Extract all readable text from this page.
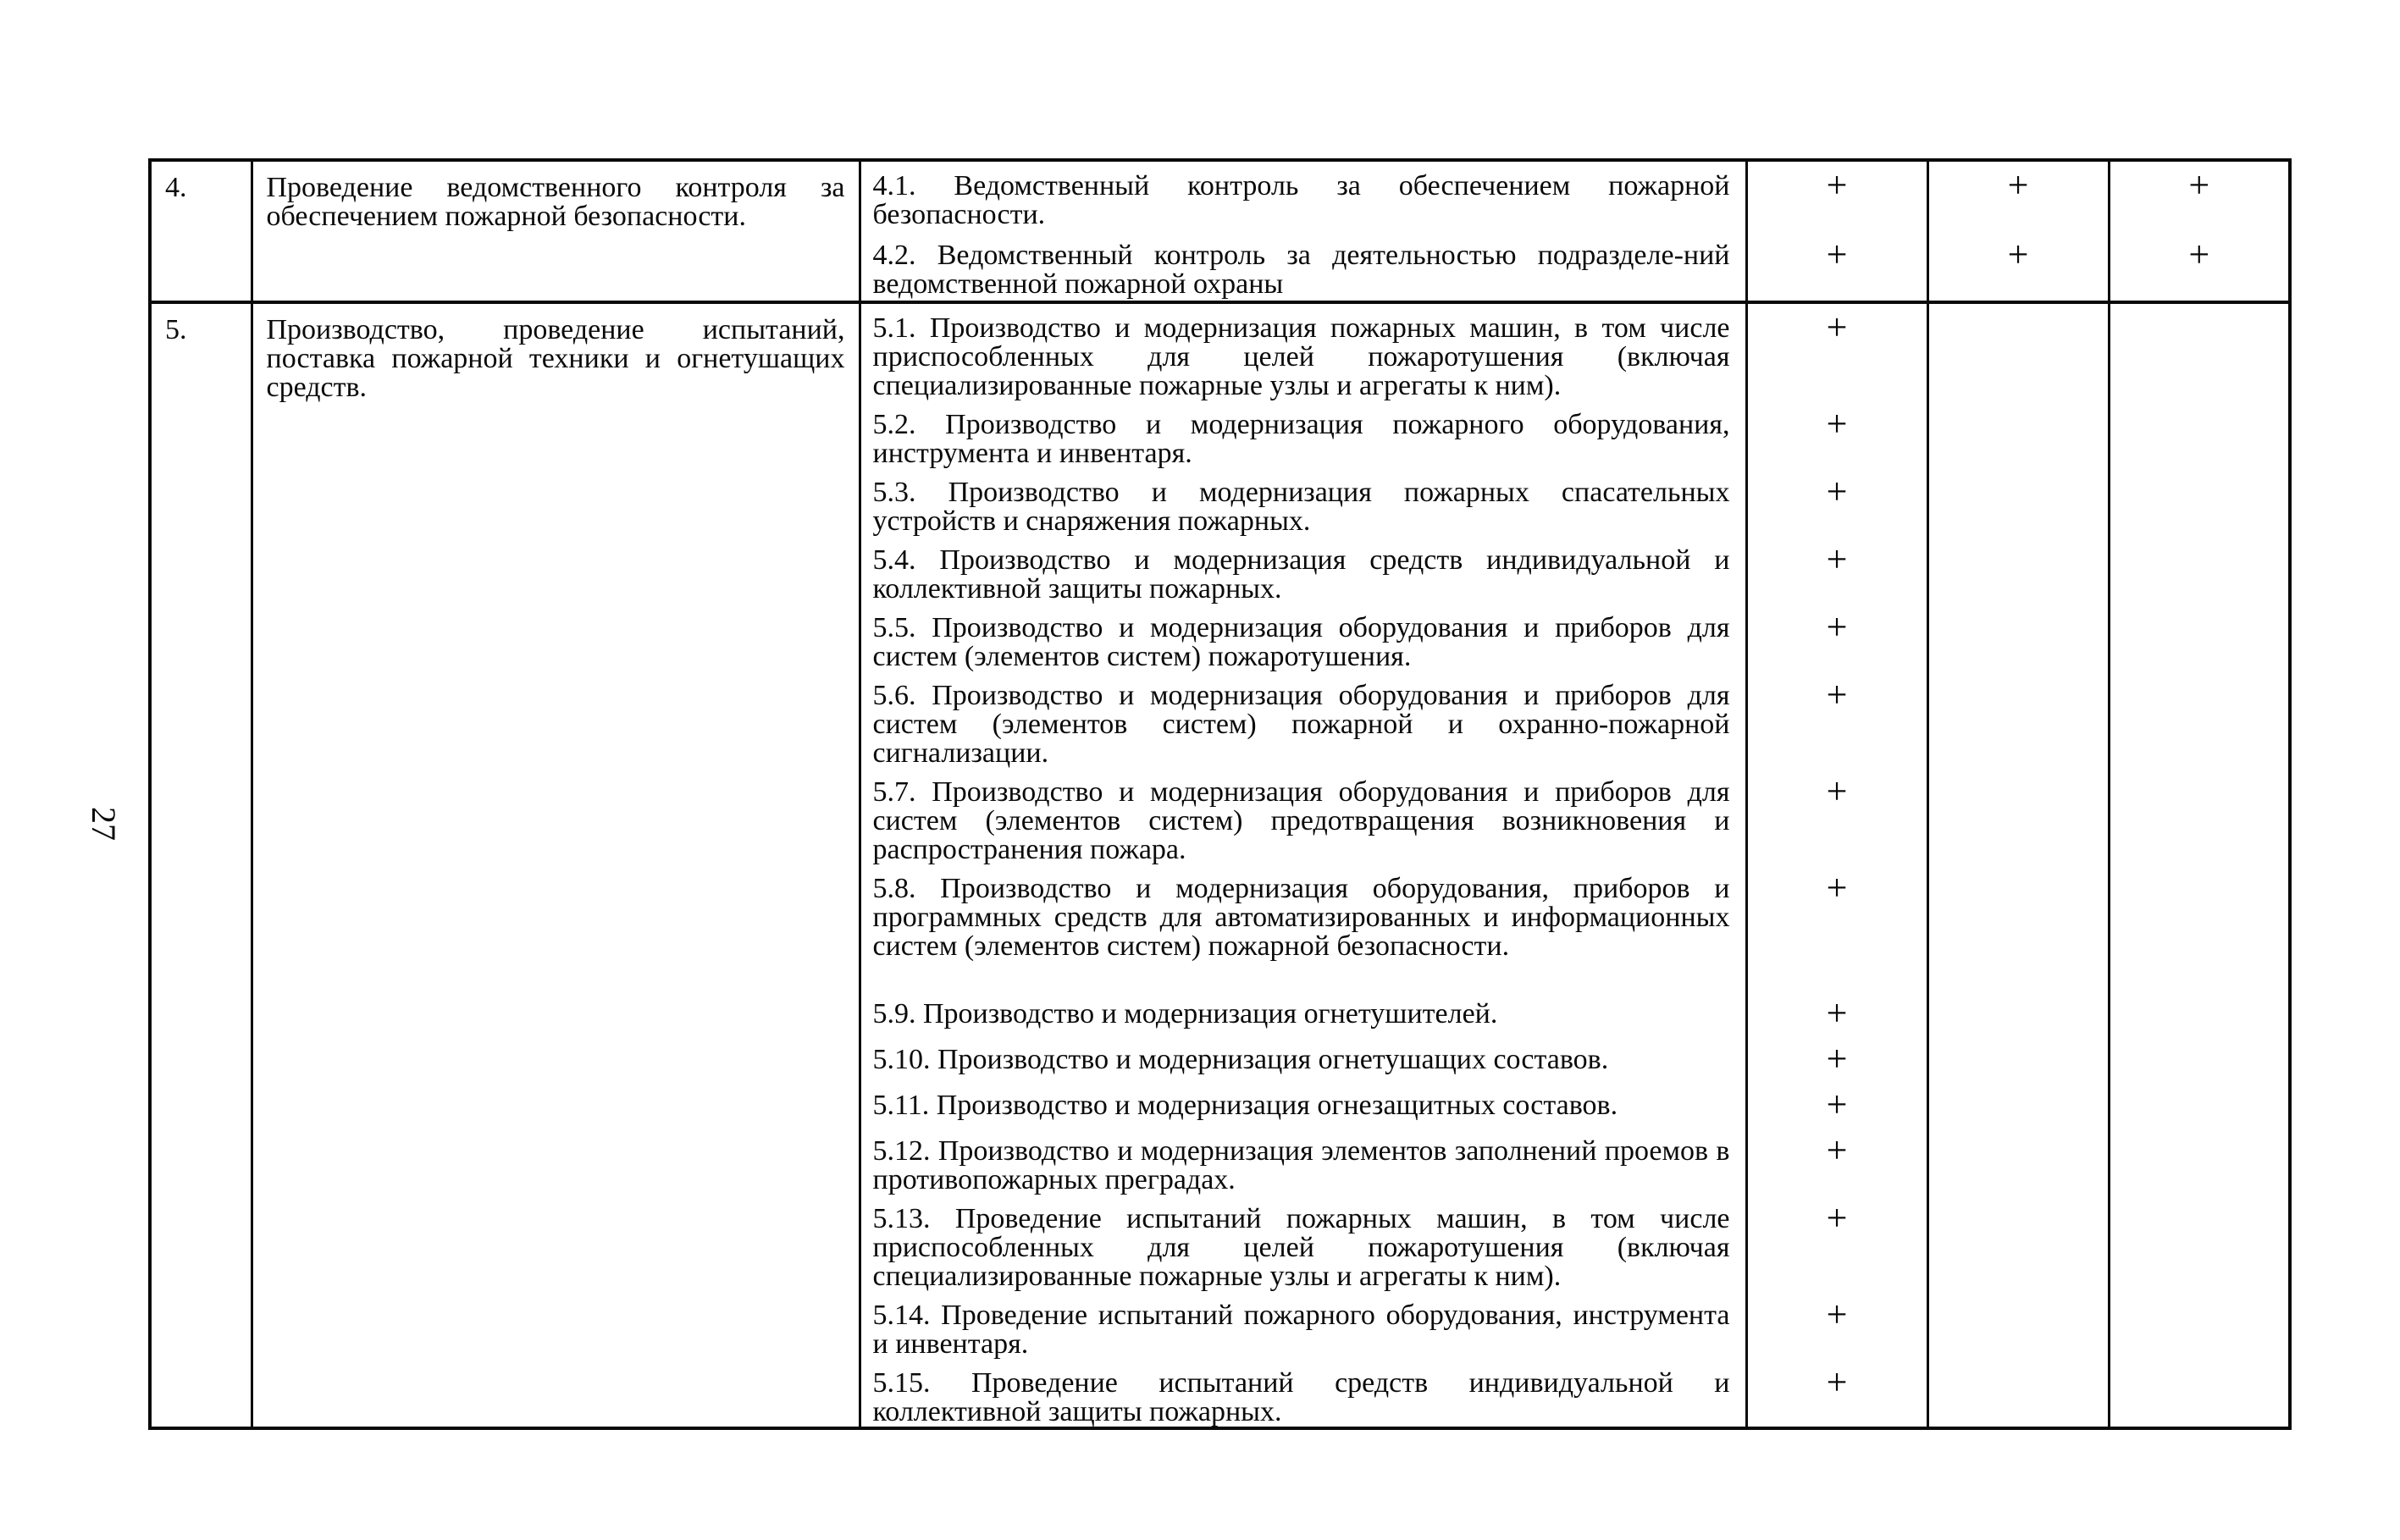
27
4.	Проведение ведомственного контроля за обеспечением пожарной безопасности.	4.1. Ведомственный контроль за обеспечением пожарной безопасности.	+	+	+
		4.2. Ведомственный контроль за деятельностью подразделе-ний ведомственной пожарной охраны	+	+	+
5.	Производство, проведение испытаний, поставка пожарной техники и огнетушащих средств.	5.1. Производство и модернизация пожарных машин, в том числе приспособленных для целей пожаротушения (включая специализированные пожарные узлы и агрегаты к ним).	+		
		5.2. Производство и модернизация пожарного оборудования, инструмента и инвентаря.	+		
		5.3. Производство и модернизация пожарных спасательных устройств и снаряжения пожарных.	+		
		5.4. Производство и модернизация средств индивидуальной и коллективной защиты пожарных.	+		
		5.5. Производство и модернизация оборудования и приборов для систем (элементов систем) пожаротушения.	+		
		5.6. Производство и модернизация оборудования и приборов для систем (элементов систем) пожарной и охранно-пожарной сигнализации.	+		
		5.7. Производство и модернизация оборудования и приборов для систем (элементов систем) предотвращения возникновения и распространения пожара.	+		
		5.8. Производство и модернизация оборудования, приборов и программных средств для автоматизированных и информационных систем (элементов систем) пожарной безопасности.	+		
		5.9. Производство и модернизация огнетушителей.	+		
		5.10. Производство и модернизация огнетушащих составов.	+		
		5.11. Производство и модернизация огнезащитных составов.	+		
		5.12. Производство и модернизация элементов заполнений проемов в противопожарных преградах.	+		
		5.13. Проведение испытаний пожарных машин, в том числе приспособленных для целей пожаротушения (включая специализированные пожарные узлы и агрегаты к ним).	+		
		5.14. Проведение испытаний пожарного оборудования, инструмента и инвентаря.	+		
		5.15. Проведение испытаний средств индивидуальной и коллективной защиты пожарных.	+		
